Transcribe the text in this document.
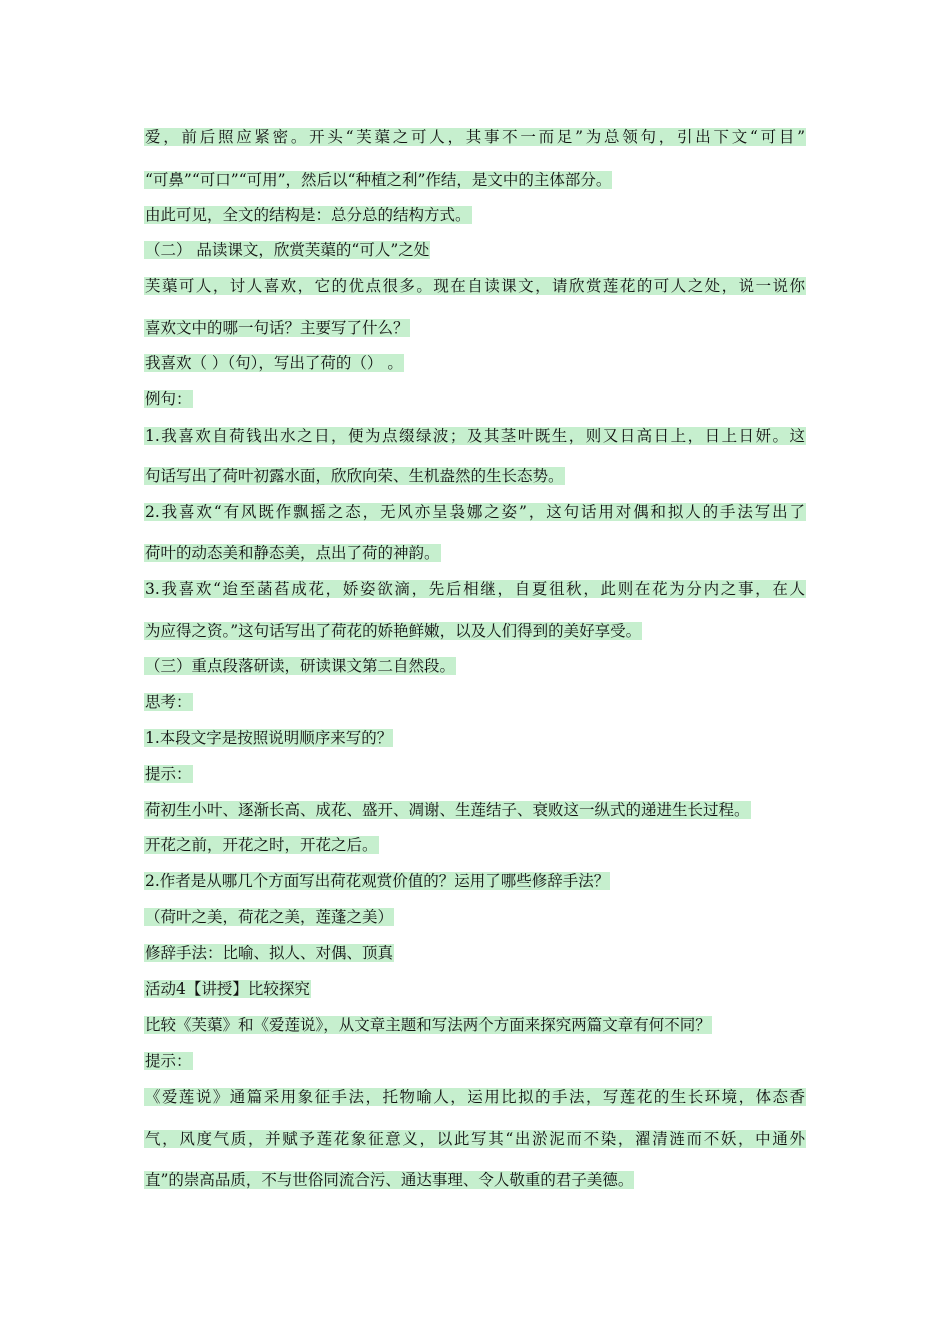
爱，前后照应紧密。开头“芙蕖之可人，其事不一而足”为总领句，引出下文“可目”
“可鼻”“可口”“可用”，然后以“种植之利”作结，是文中的主体部分。
由此可见，全文的结构是：总分总的结构方式。
（二） 品读课文，欣赏芙蕖的“可人”之处
芙蕖可人，讨人喜欢，它的优点很多。现在自读课文，请欣赏莲花的可人之处，说一说你
喜欢文中的哪一句话？主要写了什么？
我喜欢（ ）（句），写出了荷的（） 。
例句：
1.我喜欢自荷钱出水之日，便为点缀绿波；及其茎叶既生，则又日高日上，日上日妍。这
句话写出了荷叶初露水面，欣欣向荣、生机盎然的生长态势。
2.我喜欢“有风既作飘摇之态，无风亦呈袅娜之姿”，这句话用对偶和拟人的手法写出了
荷叶的动态美和静态美，点出了荷的神韵。
3.我喜欢“迨至菡萏成花，娇姿欲滴，先后相继，自夏徂秋，此则在花为分内之事，在人
为应得之资。”这句话写出了荷花的娇艳鲜嫩，以及人们得到的美好享受。
（三）重点段落研读，研读课文第二自然段。
思考：
1.本段文字是按照说明顺序来写的？
提示：
荷初生小叶、逐渐长高、成花、盛开、凋谢、生莲结子、衰败这一纵式的递进生长过程。
开花之前，开花之时，开花之后。
2.作者是从哪几个方面写出荷花观赏价值的？运用了哪些修辞手法？
（荷叶之美，荷花之美，莲蓬之美）
修辞手法：比喻、拟人、对偶、顶真
活动4【讲授】比较探究
比较《芙蕖》和《爱莲说》，从文章主题和写法两个方面来探究两篇文章有何不同？
提示：
《爱莲说》通篇采用象征手法，托物喻人，运用比拟的手法，写莲花的生长环境，体态香
气，风度气质，并赋予莲花象征意义，以此写其“出淤泥而不染，濯清涟而不妖，中通外
直”的崇高品质，不与世俗同流合污、通达事理、令人敬重的君子美德。
